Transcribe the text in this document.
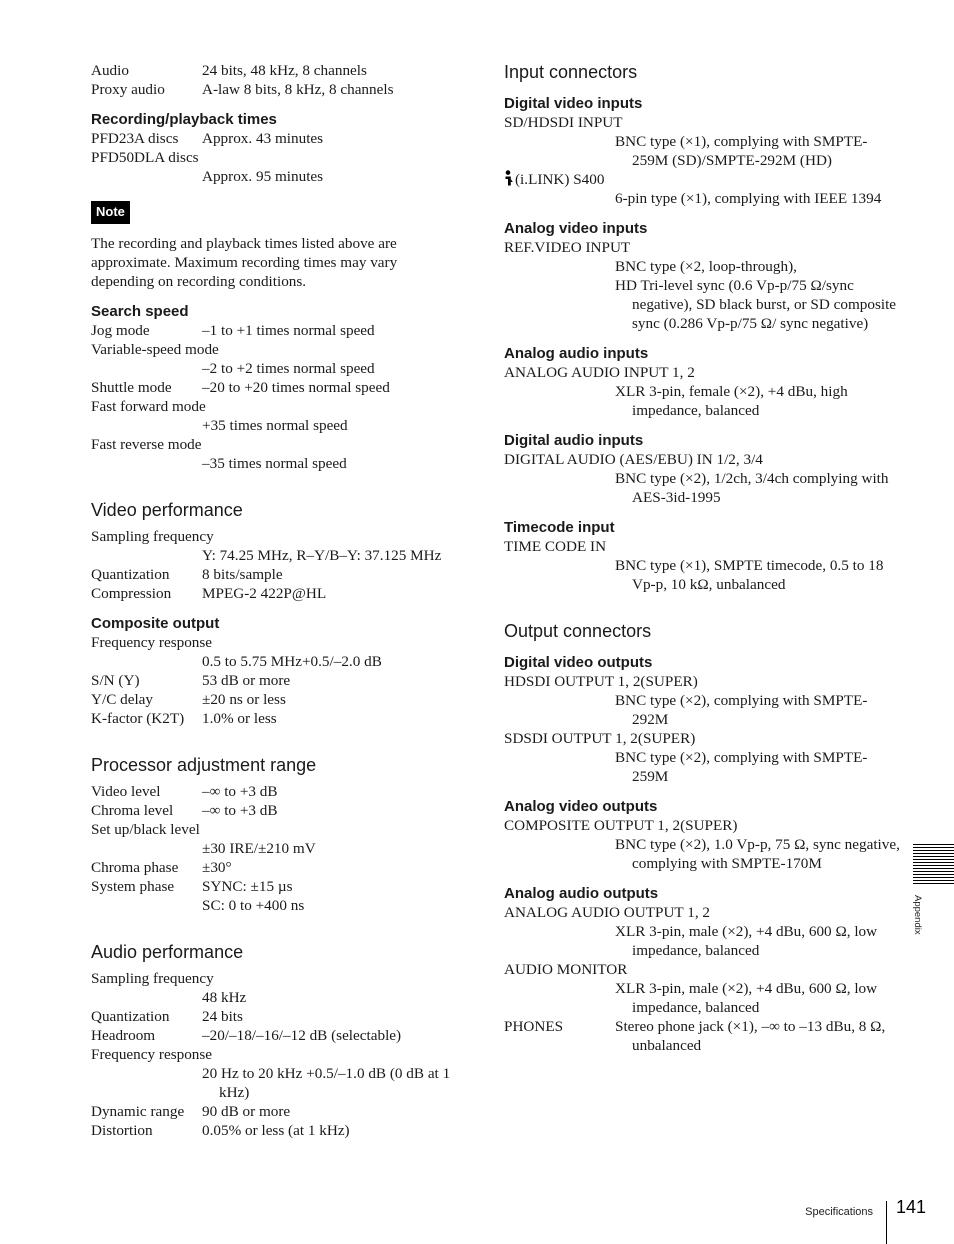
Audio	24 bits, 48 kHz, 8 channels
Proxy audio A-law 8 bits, 8 kHz, 8 channels
Recording/playback times
PFD23A discs Approx. 43 minutes
PFD50DLA discs
Approx. 95 minutes
Note
The recording and playback times listed above are approximate. Maximum recording times may vary depending on recording conditions.
Search speed
Jog mode	–1 to +1 times normal speed
Variable-speed mode
–2 to +2 times normal speed
Shuttle mode –20 to +20 times normal speed
Fast forward mode
+35 times normal speed
Fast reverse mode
–35 times normal speed
Video performance
Sampling frequency
Y: 74.25 MHz, R–Y/B–Y: 37.125 MHz
Quantization 8 bits/sample
Compression MPEG-2 422P@HL
Composite output
Frequency response
0.5 to 5.75 MHz+0.5/–2.0 dB
S/N (Y)	53 dB or more
Y/C delay	±20 ns or less
K-factor (K2T) 1.0% or less
Processor adjustment range
Video level	–∞ to +3 dB
Chroma level –∞ to +3 dB
Set up/black level
±30 IRE/±210 mV
Chroma phase ±30°
System phase SYNC: ±15 µs
SC: 0 to +400 ns
Audio performance
Sampling frequency
48 kHz
Quantization 24 bits
Headroom	–20/–18/–16/–12 dB (selectable)
Frequency response
20 Hz to 20 kHz +0.5/–1.0 dB (0 dB at 1 kHz)
Dynamic range 90 dB or more
Distortion	0.05% or less (at 1 kHz)
Input connectors
Digital video inputs
SD/HDSDI INPUT
BNC type (×1), complying with SMPTE-259M (SD)/SMPTE-292M (HD)
(i.LINK) S400
6-pin type (×1), complying with IEEE 1394
Analog video inputs
REF.VIDEO INPUT
BNC type (×2, loop-through),
HD Tri-level sync (0.6 Vp-p/75 Ω/sync negative), SD black burst, or SD composite sync (0.286 Vp-p/75 Ω/ sync negative)
Analog audio inputs
ANALOG AUDIO INPUT 1, 2
XLR 3-pin, female (×2), +4 dBu, high impedance, balanced
Digital audio inputs
DIGITAL AUDIO (AES/EBU) IN 1/2, 3/4
BNC type (×2), 1/2ch, 3/4ch complying with AES-3id-1995
Timecode input
TIME CODE IN
BNC type (×1), SMPTE timecode, 0.5 to 18 Vp-p, 10 kΩ, unbalanced
Output connectors
Digital video outputs
HDSDI OUTPUT 1, 2(SUPER)
BNC type (×2), complying with SMPTE-292M
SDSDI OUTPUT 1, 2(SUPER)
BNC type (×2), complying with SMPTE-259M
Analog video outputs
COMPOSITE OUTPUT 1, 2(SUPER)
BNC type (×2), 1.0 Vp-p, 75 Ω, sync negative, complying with SMPTE-170M
Analog audio outputs
ANALOG AUDIO OUTPUT 1, 2
XLR 3-pin, male (×2), +4 dBu, 600 Ω, low impedance, balanced
AUDIO MONITOR
XLR 3-pin, male (×2), +4 dBu, 600 Ω, low impedance, balanced
PHONES	Stereo phone jack (×1), –∞ to –13 dBu, 8 Ω, unbalanced
Appendix
Specifications 141
